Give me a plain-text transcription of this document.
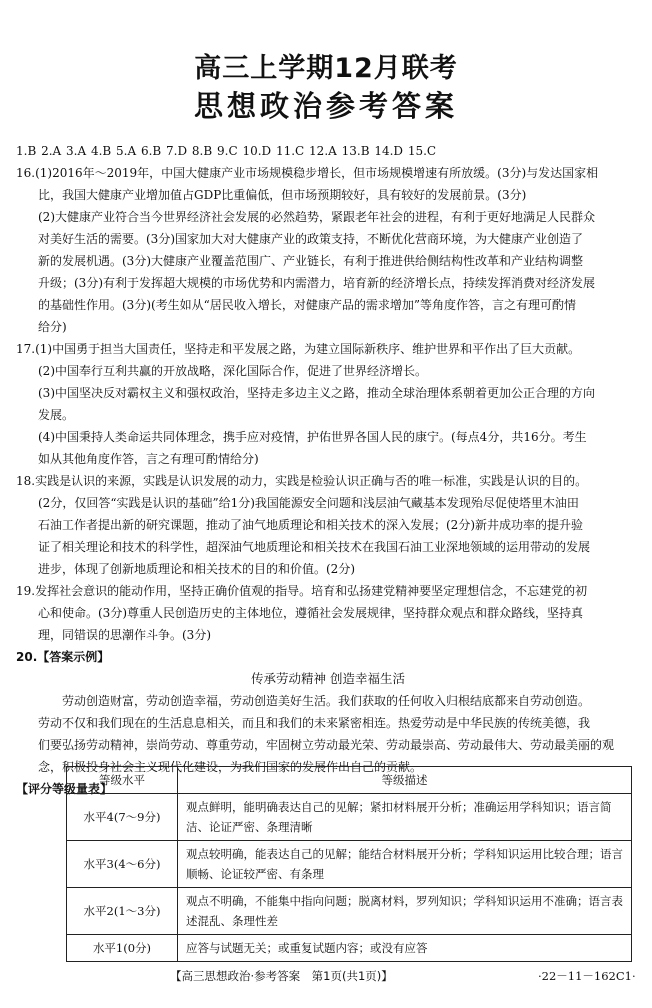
高三上学期12月联考
思想政治参考答案
1.B 2.A 3.A 4.B 5.A 6.B 7.D 8.B 9.C 10.D 11.C 12.A 13.B 14.D 15.C
16.(1)2016年～2019年，中国大健康产业市场规模稳步增长，但市场规模增速有所放缓。(3分)与发达国家相
比，我国大健康产业增加值占GDP比重偏低，但市场预期较好，具有较好的发展前景。(3分)
(2)大健康产业符合当今世界经济社会发展的必然趋势，紧跟老年社会的进程，有利于更好地满足人民群众
对美好生活的需要。(3分)国家加大对大健康产业的政策支持，不断优化营商环境，为大健康产业创造了
新的发展机遇。(3分)大健康产业覆盖范围广、产业链长，有利于推进供给侧结构性改革和产业结构调整
升级；(3分)有利于发挥超大规模的市场优势和内需潜力，培育新的经济增长点，持续发挥消费对经济发展
的基础性作用。(3分)(考生如从“居民收入增长，对健康产品的需求增加”等角度作答，言之有理可酌情
给分)
17.(1)中国勇于担当大国责任，坚持走和平发展之路，为建立国际新秩序、维护世界和平作出了巨大贡献。
(2)中国奉行互利共赢的开放战略，深化国际合作，促进了世界经济增长。
(3)中国坚决反对霸权主义和强权政治，坚持走多边主义之路，推动全球治理体系朝着更加公正合理的方向
发展。
(4)中国秉持人类命运共同体理念，携手应对疫情，护佑世界各国人民的康宁。(每点4分，共16分。考生
如从其他角度作答，言之有理可酌情给分)
18.实践是认识的来源，实践是认识发展的动力，实践是检验认识正确与否的唯一标准，实践是认识的目的。
(2分，仅回答“实践是认识的基础”给1分)我国能源安全问题和浅层油气藏基本发现殆尽促使塔里木油田
石油工作者提出新的研究课题，推动了油气地质理论和相关技术的深入发展；(2分)新井成功率的提升验
证了相关理论和技术的科学性，超深油气地质理论和相关技术在我国石油工业深地领域的运用带动的发展
进步，体现了创新地质理论和相关技术的目的和价值。(2分)
19.发挥社会意识的能动作用，坚持正确价值观的指导。培育和弘扬建党精神要坚定理想信念，不忘建党的初
心和使命。(3分)尊重人民创造历史的主体地位，遵循社会发展规律，坚持群众观点和群众路线，坚持真
理，同错误的思潮作斗争。(3分)
20.【答案示例】
传承劳动精神 创造幸福生活
劳动创造财富，劳动创造幸福，劳动创造美好生活。我们获取的任何收入归根结底都来自劳动创造。
劳动不仅和我们现在的生活息息相关，而且和我们的未来紧密相连。热爱劳动是中华民族的传统美德，我
们要弘扬劳动精神，崇尚劳动、尊重劳动，牢固树立劳动最光荣、劳动最崇高、劳动最伟大、劳动最美丽的观
念，积极投身社会主义现代化建设，为我们国家的发展作出自己的贡献。
【评分等级量表】
等级水平	等级描述
水平4(7～9分)	观点鲜明，能明确表达自己的见解；紧扣材料展开分析；准确运用学科知识；语言简洁、论证严密、条理清晰
水平3(4～6分)	观点较明确，能表达自己的见解；能结合材料展开分析；学科知识运用比较合理；语言顺畅、论证较严密、有条理
水平2(1～3分)	观点不明确，不能集中指向问题；脱离材料，罗列知识；学科知识运用不准确；语言表述混乱、条理性差
水平1(0分)	应答与试题无关；或重复试题内容；或没有应答
【高三思想政治·参考答案　第1页(共1页)】	·22－11－162C1·
